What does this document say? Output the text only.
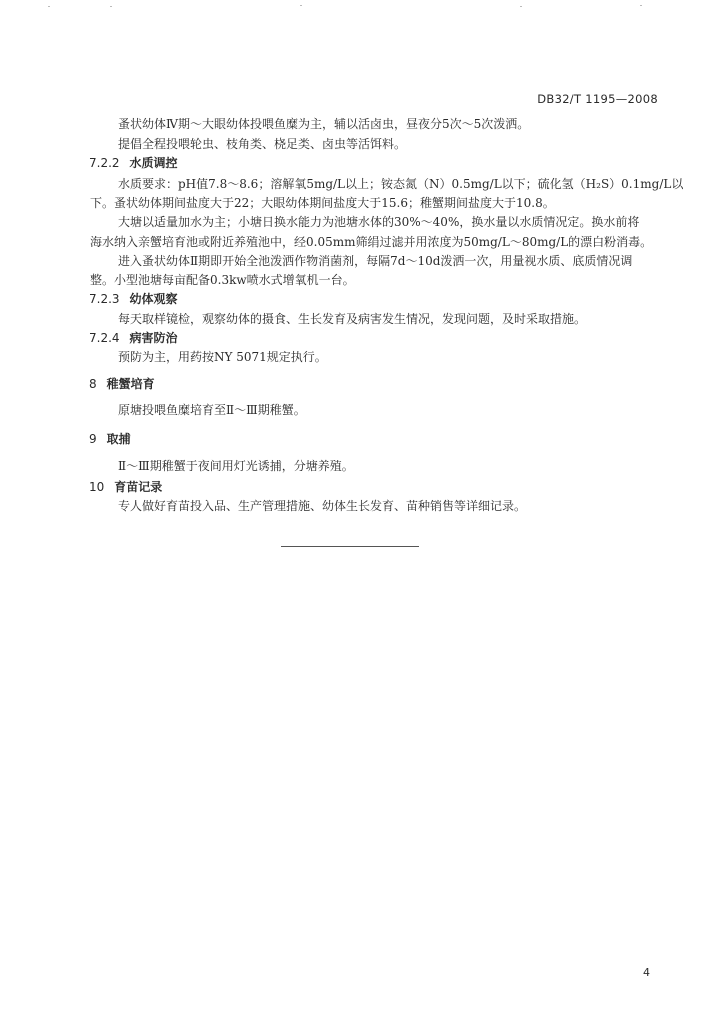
DB32/T 1195—2008
蚤状幼体Ⅳ期～大眼幼体投喂鱼糜为主，辅以活卤虫，昼夜分5次～5次泼洒。
提倡全程投喂轮虫、枝角类、桡足类、卤虫等活饵料。
7.2.2 水质调控
水质要求：pH值7.8～8.6；溶解氧5mg/L以上；铵态氮（N）0.5mg/L以下；硫化氢（H₂S）0.1mg/L以
下。蚤状幼体期间盐度大于22；大眼幼体期间盐度大于15.6；稚蟹期间盐度大于10.8。
大塘以适量加水为主；小塘日换水能力为池塘水体的30%～40%，换水量以水质情况定。换水前将
海水纳入亲蟹培育池或附近养殖池中，经0.05mm筛绢过滤并用浓度为50mg/L～80mg/L的漂白粉消毒。
进入蚤状幼体Ⅱ期即开始全池泼洒作物消菌剂，每隔7d～10d泼洒一次，用量视水质、底质情况调
整。小型池塘每亩配备0.3kw喷水式增氧机一台。
7.2.3 幼体观察
每天取样镜检，观察幼体的摄食、生长发育及病害发生情况，发现问题，及时采取措施。
7.2.4 病害防治
预防为主，用药按NY 5071规定执行。
8 稚蟹培育
原塘投喂鱼糜培育至Ⅱ～Ⅲ期稚蟹。
9 取捕
Ⅱ～Ⅲ期稚蟹于夜间用灯光诱捕，分塘养殖。
10 育苗记录
专人做好育苗投入品、生产管理措施、幼体生长发育、苗种销售等详细记录。
4
